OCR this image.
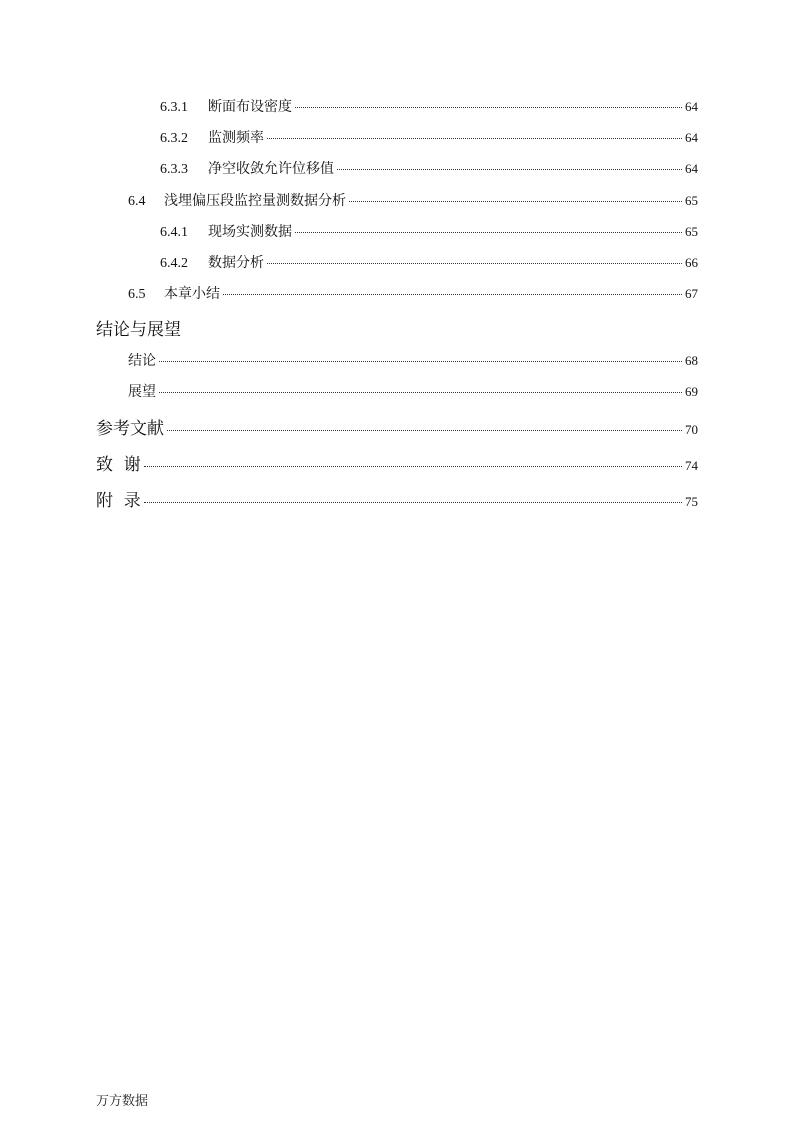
6.3.1	断面布设密度	64
6.3.2	监测频率	64
6.3.3	净空收敛允许位移值	64
6.4	浅埋偏压段监控量测数据分析	65
6.4.1	现场实测数据	65
6.4.2	数据分析	66
6.5	本章小结	67
结论与展望
结论	68
展望	69
参考文献	70
致  谢	74
附  录	75
万方数据
